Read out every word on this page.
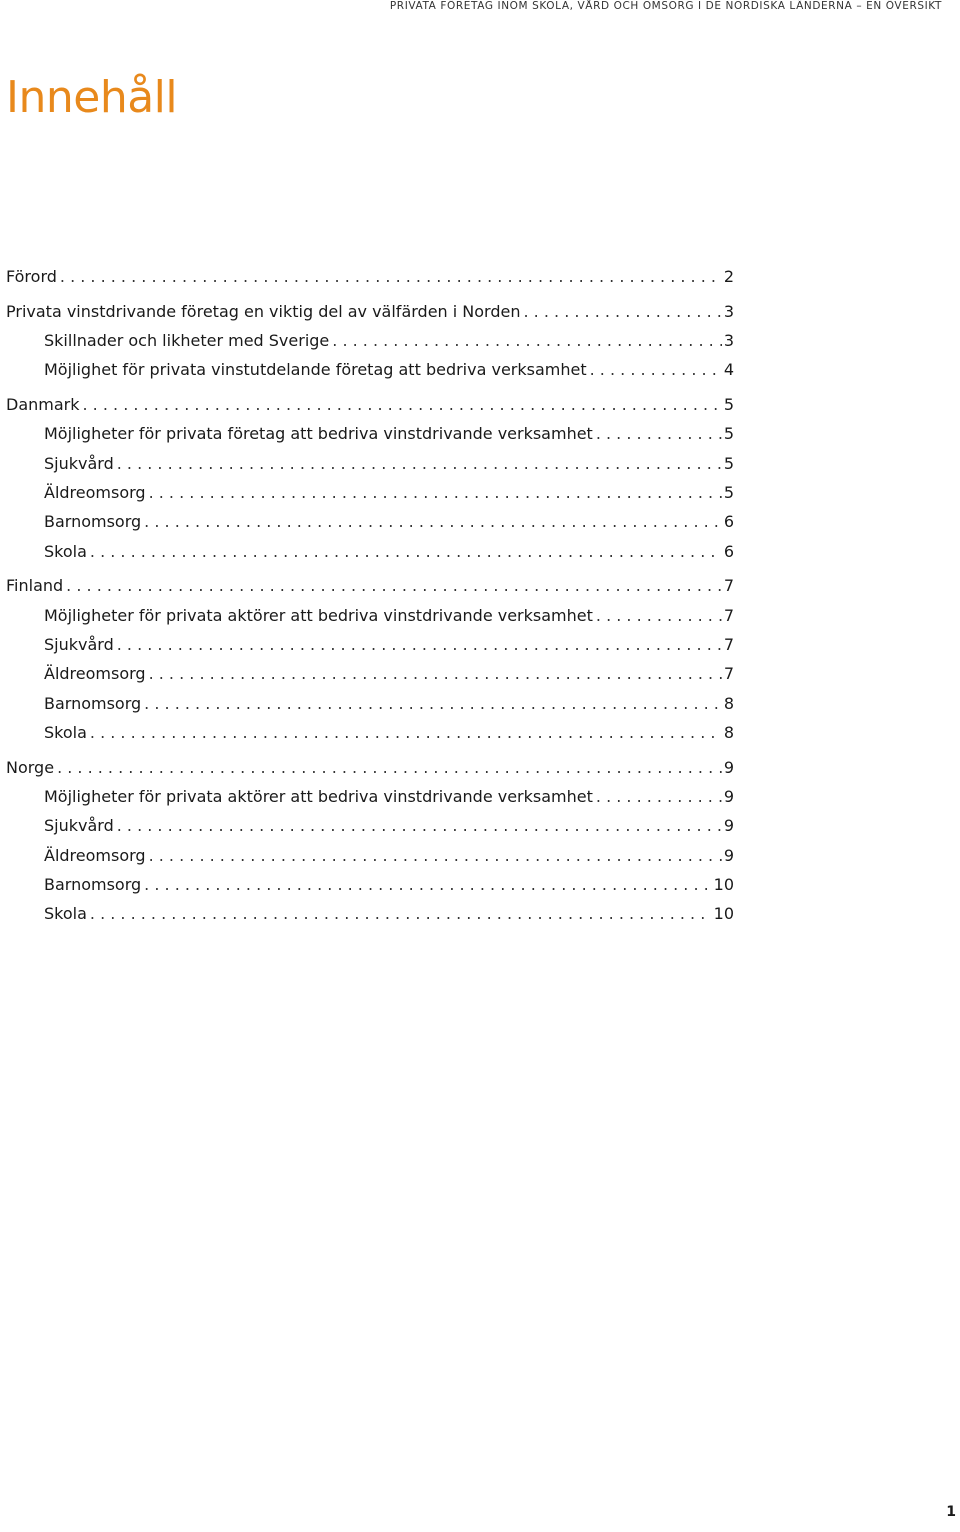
PRIVATA FÖRETAG INOM SKOLA, VÅRD OCH OMSORG I DE NORDISKA LÄNDERNA – EN ÖVERSIKT
Innehåll
Förord . . .	2
Privata vinstdrivande företag en viktig del av välfärden i Norden . . .	3
Skillnader och likheter med Sverige . . .	3
Möjlighet för privata vinstutdelande företag att bedriva verksamhet . . .	4
Danmark . . .	5
Möjligheter för privata företag att bedriva vinstdrivande verksamhet . . .	5
Sjukvård . . .	5
Äldreomsorg . . .	5
Barnomsorg . . .	6
Skola . . .	6
Finland . . .	7
Möjligheter för privata aktörer att bedriva vinstdrivande verksamhet . . .	7
Sjukvård . . .	7
Äldreomsorg . . .	7
Barnomsorg . . .	8
Skola . . .	8
Norge . . .	9
Möjligheter för privata aktörer att bedriva vinstdrivande verksamhet . . .	9
Sjukvård . . .	9
Äldreomsorg . . .	9
Barnomsorg . . .	10
Skola . . .	10
1
